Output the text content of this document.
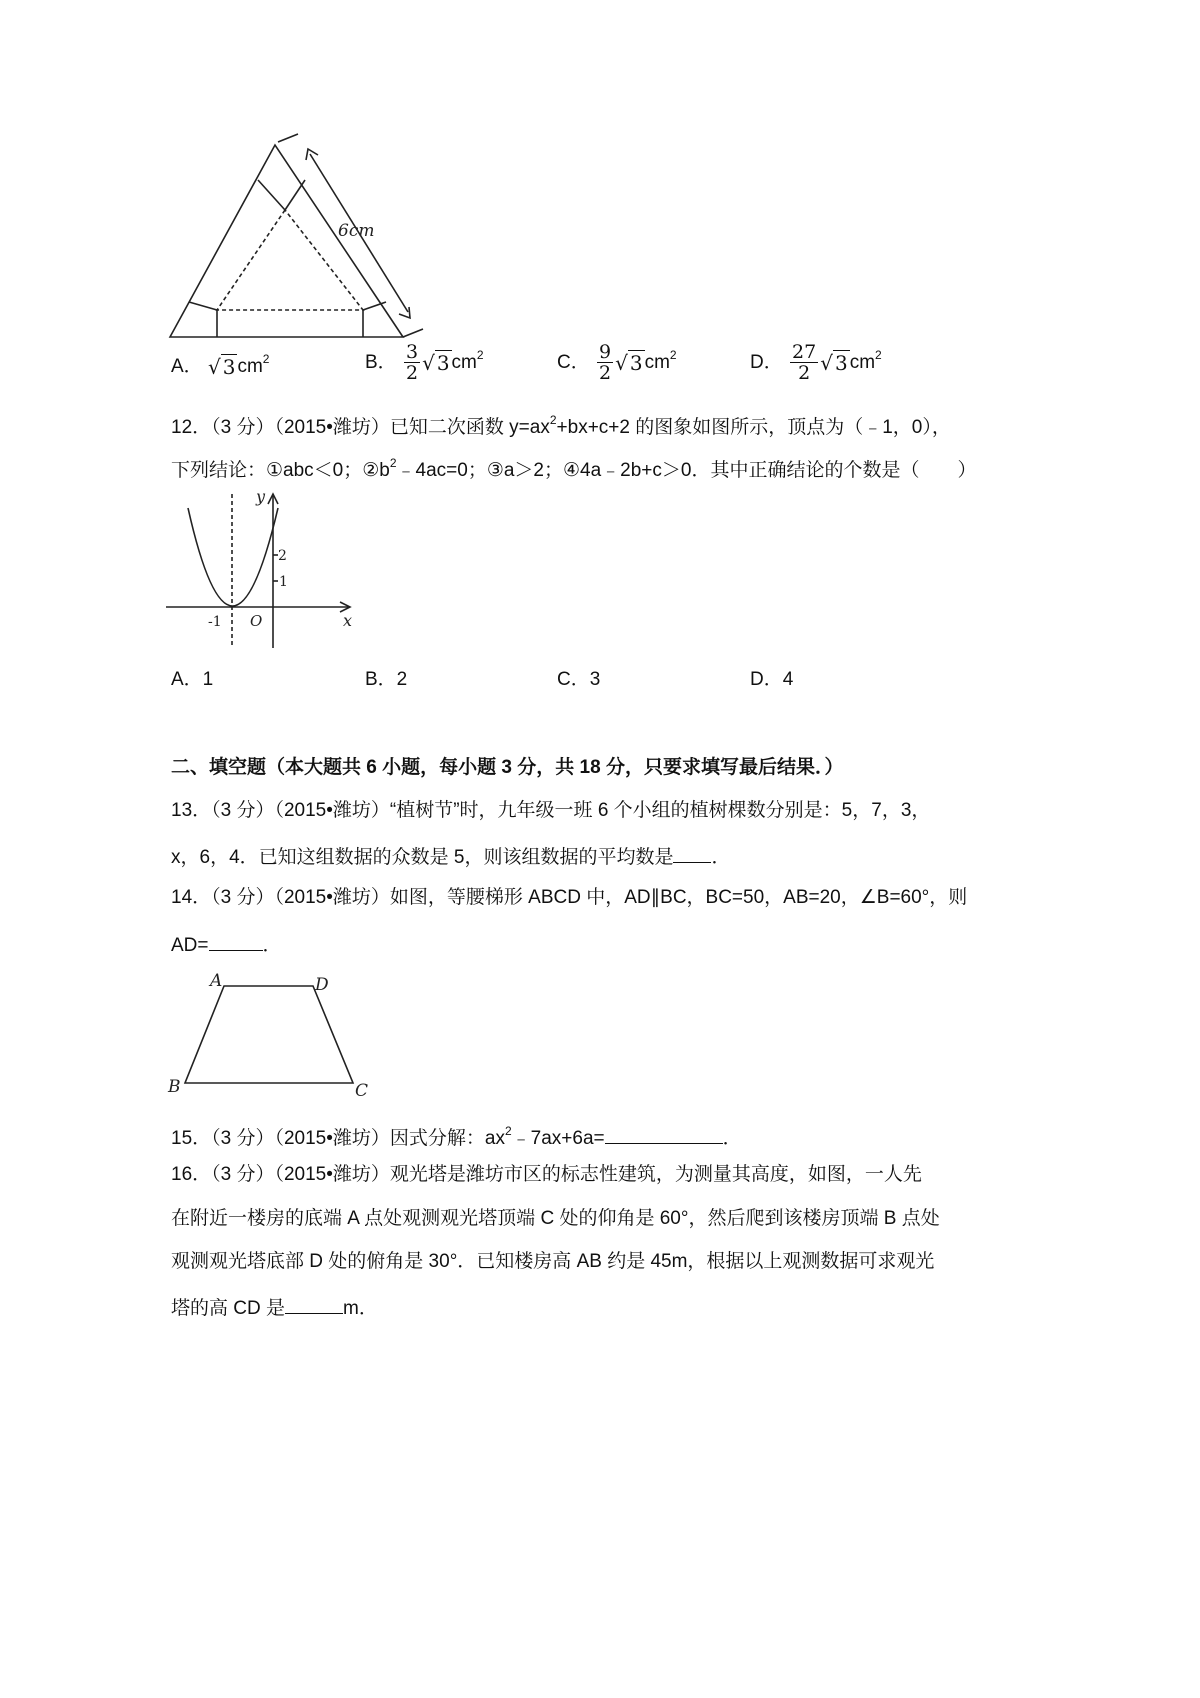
6cm
A． √ 3 $cm^2$	B． $\frac{3}{2}$ √ 3 $cm^2$	C． $\frac{9}{2}$ √ 3 $cm^2$	D． $\frac{27}{2}$ √ 3 $cm^2$
12．（3 分）（2015•潍坊）已知二次函数 $y=ax^2+bx+c+2$ 的图象如图所示，顶点为（﹣1，0），
下列结论：①abc＜0；$②b^2﹣4ac=0$；③a＞2；④4a﹣2b+c＞0．其中正确结论的个数是（　　）
y
x
O
2
1
-1
A．1	B．2	C．3	D．4
二、填空题（本大题共 6 小题，每小题 3 分，共 18 分，只要求填写最后结果．）
13．（3 分）（2015•潍坊）“植树节”时，九年级一班 6 个小组的植树棵数分别是：5，7，3，
x，6，4．已知这组数据的众数是 5，则该组数据的平均数是 ．
14．（3 分）（2015•潍坊）如图，等腰梯形 ABCD 中，AD∥BC，BC=50，AB=20，∠B=60°，则
AD=	．
A	D
B	C
15．（3 分）（2015•潍坊）因式分解：$ax^2﹣7ax+6a=$	．
16．（3 分）（2015•潍坊）观光塔是潍坊市区的标志性建筑，为测量其高度，如图，一人先
在附近一楼房的底端 A 点处观测观光塔顶端 C 处的仰角是 60°，然后爬到该楼房顶端 B 点处
观测观光塔底部 D 处的俯角是 30°．已知楼房高 AB 约是 45m，根据以上观测数据可求观光
塔的高 CD 是	m．
